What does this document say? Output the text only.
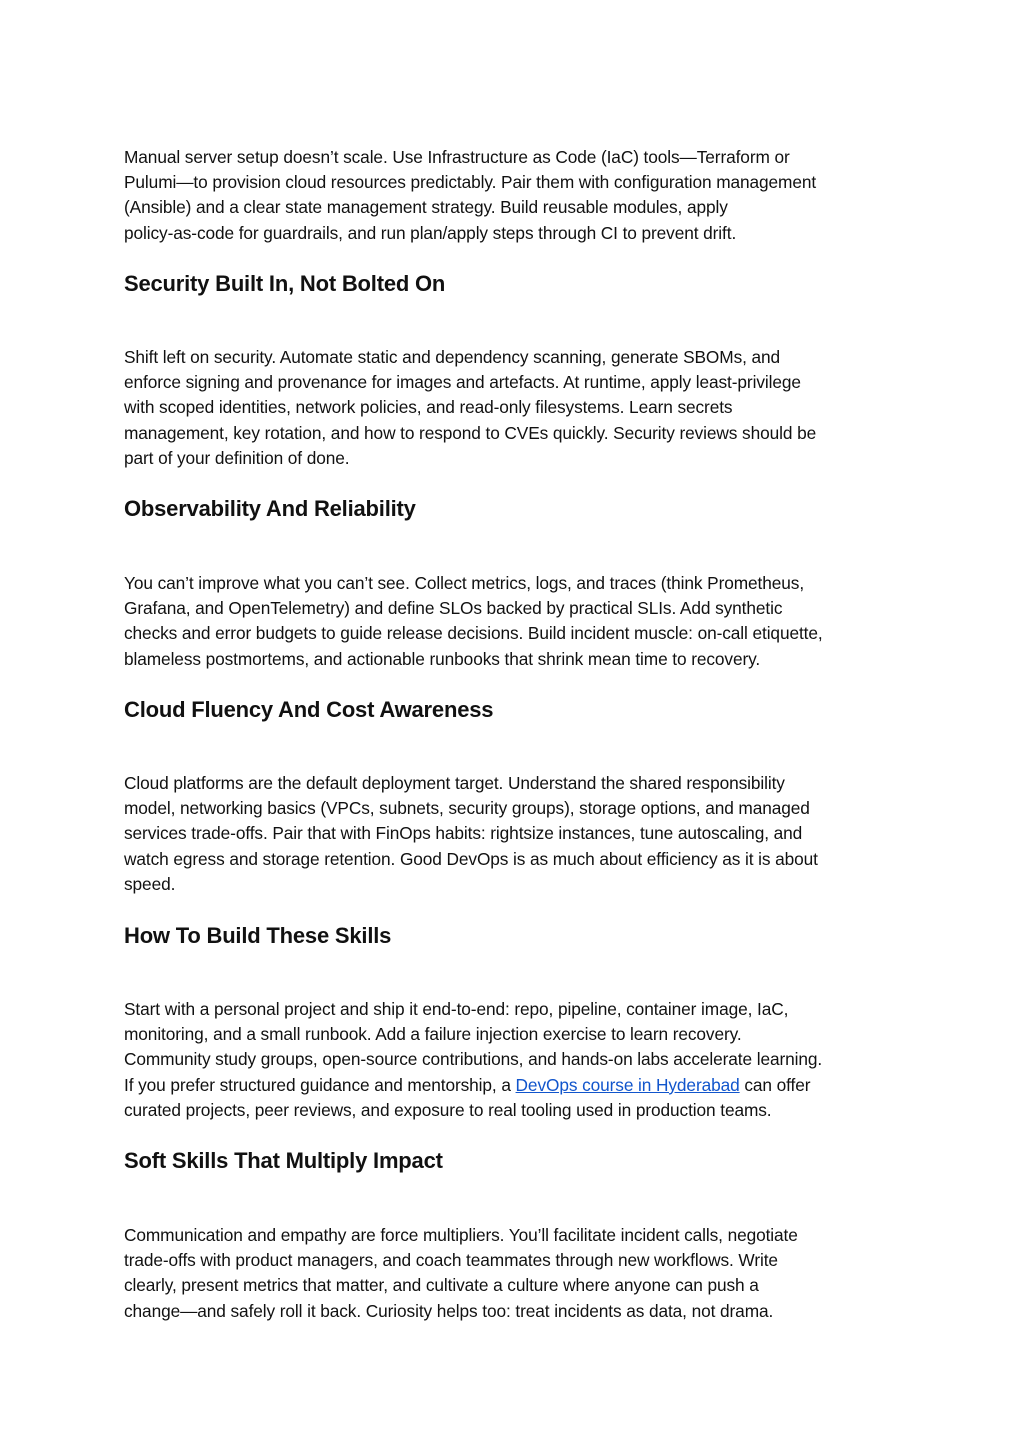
Manual server setup doesn’t scale. Use Infrastructure as Code (IaC) tools—Terraform or
Pulumi—to provision cloud resources predictably. Pair them with configuration management
(Ansible) and a clear state management strategy. Build reusable modules, apply
policy-as-code for guardrails, and run plan/apply steps through CI to prevent drift.

Security Built In, Not Bolted On

Shift left on security. Automate static and dependency scanning, generate SBOMs, and
enforce signing and provenance for images and artefacts. At runtime, apply least-privilege
with scoped identities, network policies, and read-only filesystems. Learn secrets
management, key rotation, and how to respond to CVEs quickly. Security reviews should be
part of your definition of done.

Observability And Reliability

You can’t improve what you can’t see. Collect metrics, logs, and traces (think Prometheus,
Grafana, and OpenTelemetry) and define SLOs backed by practical SLIs. Add synthetic
checks and error budgets to guide release decisions. Build incident muscle: on-call etiquette,
blameless postmortems, and actionable runbooks that shrink mean time to recovery.

Cloud Fluency And Cost Awareness

Cloud platforms are the default deployment target. Understand the shared responsibility
model, networking basics (VPCs, subnets, security groups), storage options, and managed
services trade-offs. Pair that with FinOps habits: rightsize instances, tune autoscaling, and
watch egress and storage retention. Good DevOps is as much about efficiency as it is about
speed.

How To Build These Skills

Start with a personal project and ship it end-to-end: repo, pipeline, container image, IaC,
monitoring, and a small runbook. Add a failure injection exercise to learn recovery.
Community study groups, open-source contributions, and hands-on labs accelerate learning.
If you prefer structured guidance and mentorship, a DevOps course in Hyderabad can offer
curated projects, peer reviews, and exposure to real tooling used in production teams.

Soft Skills That Multiply Impact

Communication and empathy are force multipliers. You’ll facilitate incident calls, negotiate
trade-offs with product managers, and coach teammates through new workflows. Write
clearly, present metrics that matter, and cultivate a culture where anyone can push a
change—and safely roll it back. Curiosity helps too: treat incidents as data, not drama.
